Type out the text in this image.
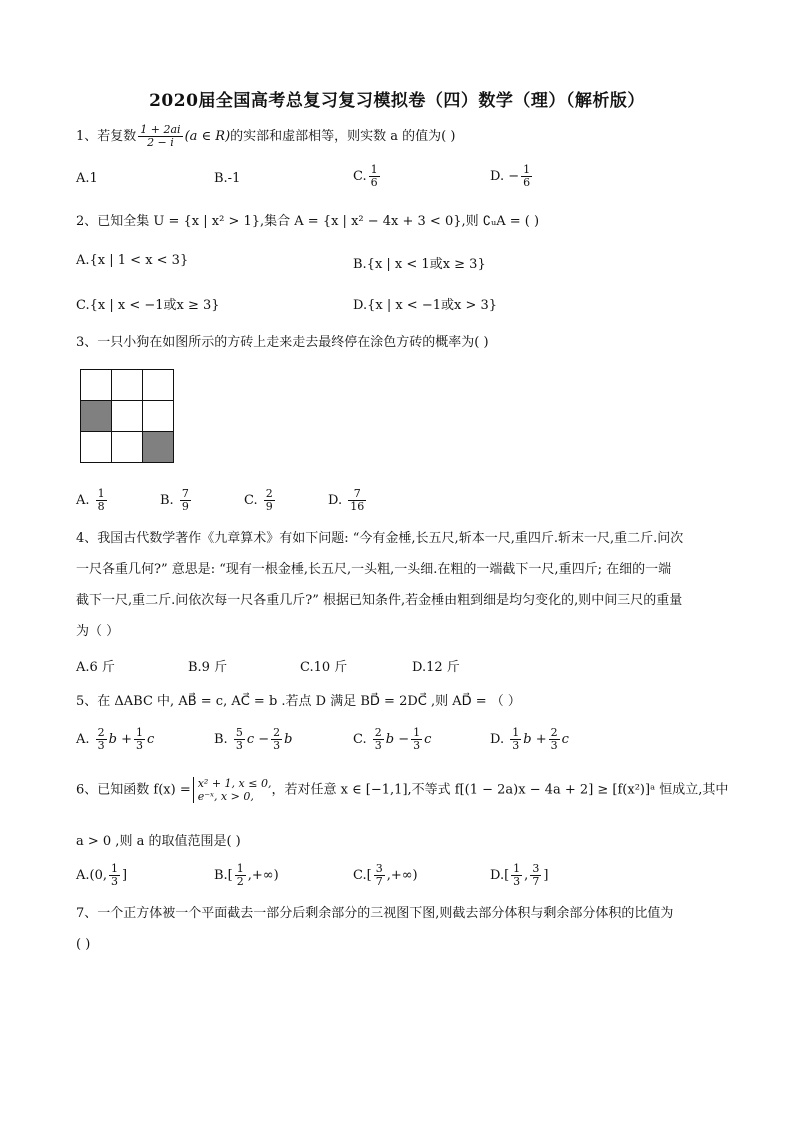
2020届全国高考总复习复习模拟卷（四）数学（理）（解析版）
1、若复数 $\frac{1 + 2ai}{2 - i} (a$ ∈ R)的实部和虚部相等，则实数 a 的值为( )
A.1	B.-1	C. $\frac{1}{6}$	D. − $\frac{1}{6}$
2、已知全集 U = {x | x² > 1},集合 A = {x | x² − 4x + 3 < 0},则 ∁ᵤA = ( )
A.{x | 1 < x < 3}	B.{x | x < 1或x ≥ 3}
C.{x | x < −1或x ≥ 3}	D.{x | x < −1或x > 3}
3、一只小狗在如图所示的方砖上走来走去最终停在涂色方砖的概率为( )
A. $\frac{1}{8}$	B. $\frac{7}{9}$	C. $\frac{2}{9}$	D. $\frac{7}{16}$
4、我国古代数学著作《九章算术》有如下问题: “今有金棰,长五尺,斩本一尺,重四斤.斩末一尺,重二斤.问次
一尺各重几何?” 意思是: “现有一根金棰,长五尺,一头粗,一头细.在粗的一端截下一尺,重四斤; 在细的一端
截下一尺,重二斤.问依次每一尺各重几斤?” 根据已知条件,若金棰由粗到细是均匀变化的,则中间三尺的重量
为（ ）
A.6 斤	B.9 斤	C.10 斤	D.12 斤
5、在 ΔABC 中, AB⃗ = c, AC⃗ = b .若点 D 满足 BD⃗ = 2DC⃗ ,则 AD⃗ = （ ）
A. $\frac{2}{3}$ $b + \frac{1}{3}$ c	B. $\frac{5}{3}$ $c - \frac{2}{3}$ b	C. $\frac{2}{3}$ $b - \frac{1}{3}$ c	D. $\frac{1}{3}$ $b + \frac{2}{3}$ c
6、已知函数 f(x) = x² + 1, x ≤ 0,
e⁻ˣ, x > 0,	，若对任意 x ∈ [−1,1],不等式 f[(1 − 2a)x − 4a + 2] ≥ [f(x²)]ᵃ 恒成立,其中
a > 0 ,则 a 的取值范围是( )
A.(0, $\frac{1}{3}$ ]	$B.[ \frac{1}{2}$ ,+∞)	$C.[ \frac{3}{7}$ ,+∞)	$D.[ \frac{1}{3}$ , $\frac{3}{7}$ ]
7、一个正方体被一个平面截去一部分后剩余部分的三视图下图,则截去部分体积与剩余部分体积的比值为
( )
